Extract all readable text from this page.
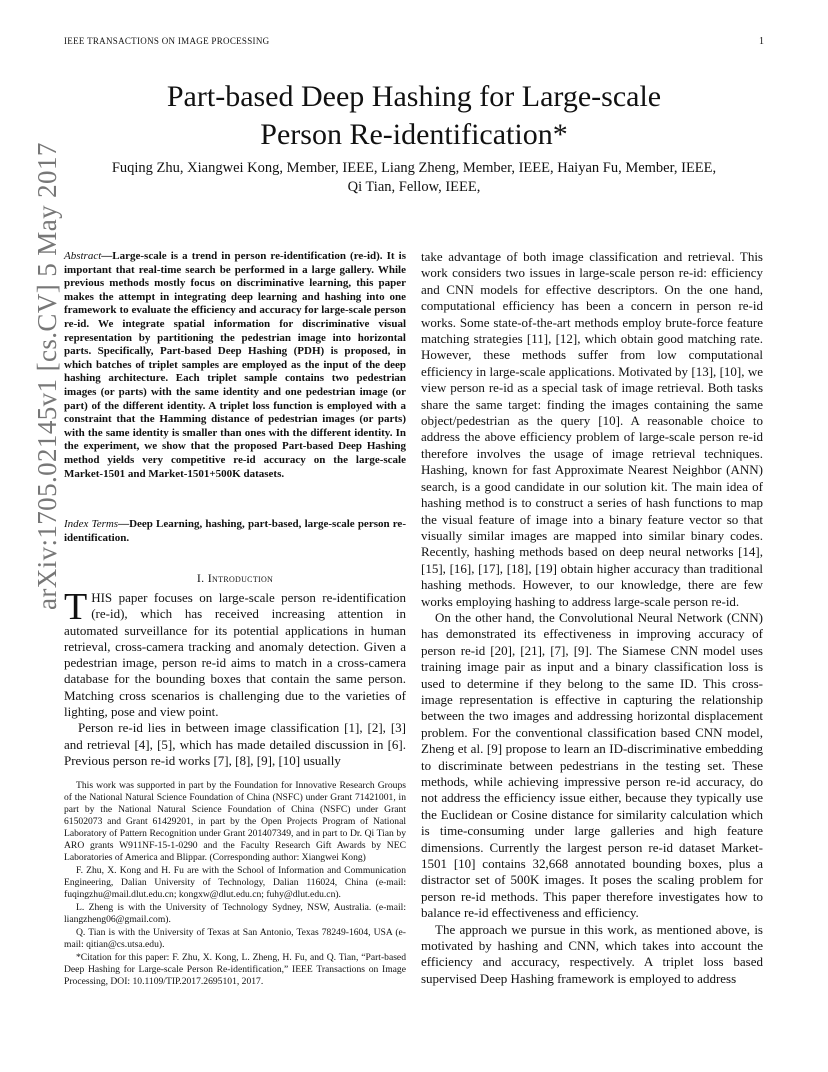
IEEE TRANSACTIONS ON IMAGE PROCESSING	1
arXiv:1705.02145v1 [cs.CV] 5 May 2017
Part-based Deep Hashing for Large-scale
Person Re-identification*
Fuqing Zhu, Xiangwei Kong, Member, IEEE, Liang Zheng, Member, IEEE, Haiyan Fu, Member, IEEE,
Qi Tian, Fellow, IEEE,
Abstract—Large-scale is a trend in person re-identification (re-id). It is important that real-time search be performed in a large gallery. While previous methods mostly focus on discriminative learning, this paper makes the attempt in integrating deep learning and hashing into one framework to evaluate the efficiency and accuracy for large-scale person re-id. We integrate spatial information for discriminative visual representation by partitioning the pedestrian image into horizontal parts. Specifically, Part-based Deep Hashing (PDH) is proposed, in which batches of triplet samples are employed as the input of the deep hashing architecture. Each triplet sample contains two pedestrian images (or parts) with the same identity and one pedestrian image (or part) of the different identity. A triplet loss function is employed with a constraint that the Hamming distance of pedestrian images (or parts) with the same identity is smaller than ones with the different identity. In the experiment, we show that the proposed Part-based Deep Hashing method yields very competitive re-id accuracy on the large-scale Market-1501 and Market-1501+500K datasets.
Index Terms—Deep Learning, hashing, part-based, large-scale person re-identification.
I. Introduction

THIS paper focuses on large-scale person re-identification (re-id), which has received increasing attention in automated surveillance for its potential applications in human retrieval, cross-camera tracking and anomaly detection. Given a pedestrian image, person re-id aims to match in a cross-camera database for the bounding boxes that contain the same person. Matching cross scenarios is challenging due to the varieties of lighting, pose and view point.

Person re-id lies in between image classification [1], [2], [3] and retrieval [4], [5], which has made detailed discussion in [6]. Previous person re-id works [7], [8], [9], [10] usually

This work was supported in part by the Foundation for Innovative Research Groups of the National Natural Science Foundation of China (NSFC) under Grant 71421001, in part by the National Natural Science Foundation of China (NSFC) under Grant 61502073 and Grant 61429201, in part by the Open Projects Program of National Laboratory of Pattern Recognition under Grant 201407349, and in part to Dr. Qi Tian by ARO grants W911NF-15-1-0290 and the Faculty Research Gift Awards by NEC Laboratories of America and Blippar. (Corresponding author: Xiangwei Kong)

F. Zhu, X. Kong and H. Fu are with the School of Information and Communication Engineering, Dalian University of Technology, Dalian 116024, China (e-mail: fuqingzhu@mail.dlut.edu.cn; kongxw@dlut.edu.cn; fuhy@dlut.edu.cn).

L. Zheng is with the University of Technology Sydney, NSW, Australia. (e-mail: liangzheng06@gmail.com).

Q. Tian is with the University of Texas at San Antonio, Texas 78249-1604, USA (e-mail: qitian@cs.utsa.edu).

*Citation for this paper: F. Zhu, X. Kong, L. Zheng, H. Fu, and Q. Tian, “Part-based Deep Hashing for Large-scale Person Re-identification,” IEEE Transactions on Image Processing, DOI: 10.1109/TIP.2017.2695101, 2017.

take advantage of both image classification and retrieval. This work considers two issues in large-scale person re-id: efficiency and CNN models for effective descriptors. On the one hand, computational efficiency has been a concern in person re-id works. Some state-of-the-art methods employ brute-force feature matching strategies [11], [12], which obtain good matching rate. However, these methods suffer from low computational efficiency in large-scale applications. Motivated by [13], [10], we view person re-id as a special task of image retrieval. Both tasks share the same target: finding the images containing the same object/pedestrian as the query [10]. A reasonable choice to address the above efficiency problem of large-scale person re-id therefore involves the usage of image retrieval techniques. Hashing, known for fast Approximate Nearest Neighbor (ANN) search, is a good candidate in our solution kit. The main idea of hashing method is to construct a series of hash functions to map the visual feature of image into a binary feature vector so that visually similar images are mapped into similar binary codes. Recently, hashing methods based on deep neural networks [14], [15], [16], [17], [18], [19] obtain higher accuracy than traditional hashing methods. However, to our knowledge, there are few works employing hashing to address large-scale person re-id.

On the other hand, the Convolutional Neural Network (CNN) has demonstrated its effectiveness in improving accuracy of person re-id [20], [21], [7], [9]. The Siamese CNN model uses training image pair as input and a binary classification loss is used to determine if they belong to the same ID. This cross-image representation is effective in capturing the relationship between the two images and addressing horizontal displacement problem. For the conventional classification based CNN model, Zheng et al. [9] propose to learn an ID-discriminative embedding to discriminate between pedestrians in the testing set. These methods, while achieving impressive person re-id accuracy, do not address the efficiency issue either, because they typically use the Euclidean or Cosine distance for similarity calculation which is time-consuming under large galleries and high feature dimensions. Currently the largest person re-id dataset Market-1501 [10] contains 32,668 annotated bounding boxes, plus a distractor set of 500K images. It poses the scaling problem for person re-id methods. This paper therefore investigates how to balance re-id effectiveness and efficiency.

The approach we pursue in this work, as mentioned above, is motivated by hashing and CNN, which takes into account the efficiency and accuracy, respectively. A triplet loss based supervised Deep Hashing framework is employed to address
